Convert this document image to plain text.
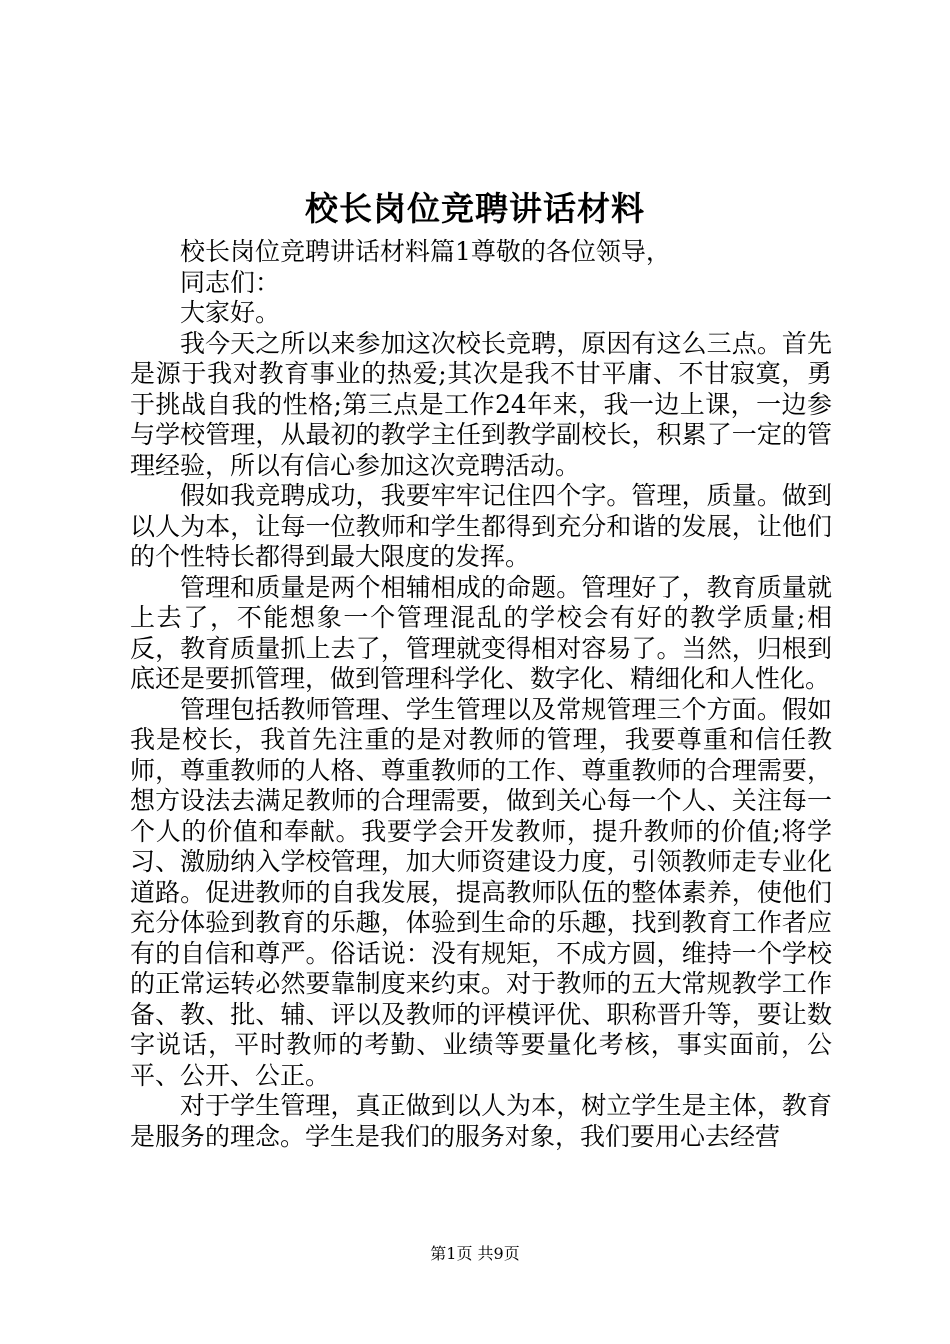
校长岗位竞聘讲话材料

校长岗位竞聘讲话材料篇1尊敬的各位领导，

同志们：

大家好。

我今天之所以来参加这次校长竞聘，原因有这么三点。首先是源于我对教育事业的热爱;其次是我不甘平庸、不甘寂寞，勇于挑战自我的性格;第三点是工作24年来，我一边上课，一边参与学校管理，从最初的教学主任到教学副校长，积累了一定的管理经验，所以有信心参加这次竞聘活动。

假如我竞聘成功，我要牢牢记住四个字。管理，质量。做到以人为本，让每一位教师和学生都得到充分和谐的发展，让他们的个性特长都得到最大限度的发挥。

管理和质量是两个相辅相成的命题。管理好了，教育质量就上去了，不能想象一个管理混乱的学校会有好的教学质量;相反，教育质量抓上去了，管理就变得相对容易了。当然，归根到底还是要抓管理，做到管理科学化、数字化、精细化和人性化。

管理包括教师管理、学生管理以及常规管理三个方面。假如我是校长，我首先注重的是对教师的管理，我要尊重和信任教师，尊重教师的人格、尊重教师的工作、尊重教师的合理需要，想方设法去满足教师的合理需要，做到关心每一个人、关注每一个人的价值和奉献。我要学会开发教师，提升教师的价值;将学习、激励纳入学校管理，加大师资建设力度，引领教师走专业化道路。促进教师的自我发展，提高教师队伍的整体素养，使他们充分体验到教育的乐趣，体验到生命的乐趣，找到教育工作者应有的自信和尊严。俗话说：没有规矩，不成方圆，维持一个学校的正常运转必然要靠制度来约束。对于教师的五大常规教学工作备、教、批、辅、评以及教师的评模评优、职称晋升等，要让数字说话，平时教师的考勤、业绩等要量化考核，事实面前，公平、公开、公正。

对于学生管理，真正做到以人为本，树立学生是主体，教育是服务的理念。学生是我们的服务对象，我们要用心去经营

第1页 共9页
